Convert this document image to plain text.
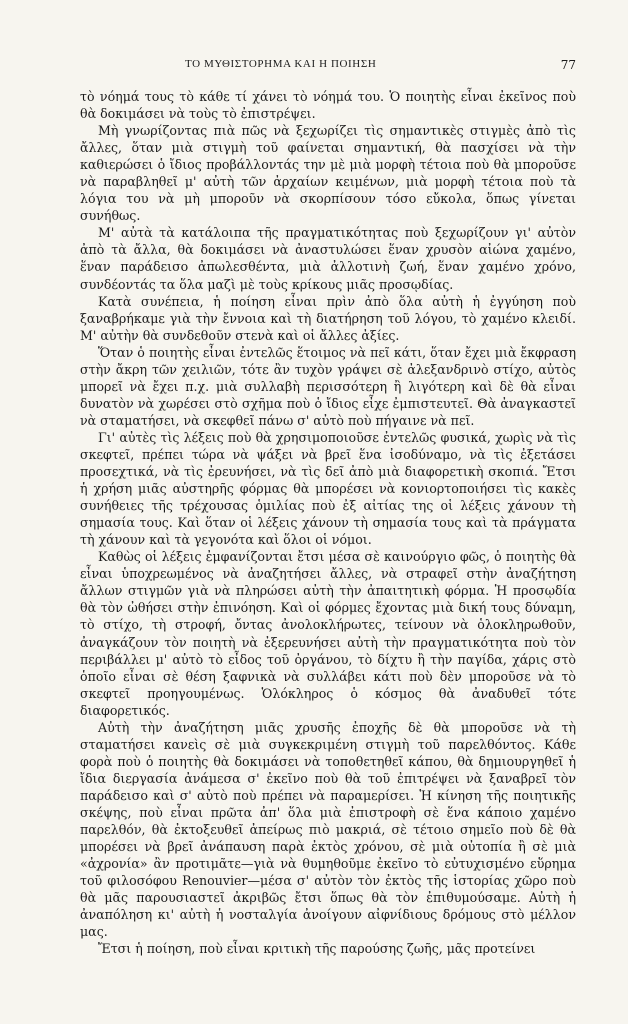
ΤΟ ΜΥΘΙΣΤΟΡΗΜΑ ΚΑΙ Η ΠΟΙΗΣΗ	77

τὸ νόημά τους τὸ κάθε τί χάνει τὸ νόημά του. Ὁ ποιητὴς εἶναι ἐκεῖνος ποὺ θὰ δοκιμάσει νὰ τοὺς τὸ ἐπιστρέψει.

Μὴ γνωρίζοντας πιὰ πῶς νὰ ξεχωρίζει τὶς σημαντικὲς στιγμὲς ἀπὸ τὶς ἄλλες, ὅταν μιὰ στιγμὴ τοῦ φαίνεται σημαντική, θὰ πασχίσει νὰ τὴν καθιερώσει ὁ ἴδιος προβάλλοντάς την μὲ μιὰ μορφὴ τέτοια ποὺ θὰ μποροῦσε νὰ παραβληθεῖ μ' αὐτὴ τῶν ἀρχαίων κειμένων, μιὰ μορφὴ τέτοια ποὺ τὰ λόγια του νὰ μὴ μποροῦν νὰ σκορπίσουν τόσο εὔκολα, ὅπως γίνεται συνήθως.

Μ' αὐτὰ τὰ κατάλοιπα τῆς πραγματικότητας ποὺ ξεχωρίζουν γι' αὐτὸν ἀπὸ τὰ ἄλλα, θὰ δοκιμάσει νὰ ἀναστυλώσει ἕναν χρυσὸν αἰώνα χαμένο, ἕναν παράδεισο ἀπωλεσθέντα, μιὰ ἀλλοτινὴ ζωή, ἕναν χαμένο χρόνο, συνδέοντάς τα ὅλα μαζὶ μὲ τοὺς κρίκους μιᾶς προσῳδίας.

Κατὰ συνέπεια, ἡ ποίηση εἶναι πρὶν ἀπὸ ὅλα αὐτὴ ἡ ἐγγύηση ποὺ ξαναβρήκαμε γιὰ τὴν ἔννοια καὶ τὴ διατήρηση τοῦ λόγου, τὸ χαμένο κλειδί. Μ' αὐτὴν θὰ συνδεθοῦν στενὰ καὶ οἱ ἄλλες ἀξίες.

Ὅταν ὁ ποιητὴς εἶναι ἐντελῶς ἕτοιμος νὰ πεῖ κάτι, ὅταν ἔχει μιὰ ἔκφραση στὴν ἄκρη τῶν χειλιῶν, τότε ἂν τυχὸν γράψει σὲ ἀλεξανδρινὸ στίχο, αὐτὸς μπορεῖ νὰ ἔχει π.χ. μιὰ συλλαβὴ περισσότερη ἢ λιγότερη καὶ δὲ θὰ εἶναι δυνατὸν νὰ χωρέσει στὸ σχῆμα ποὺ ὁ ἴδιος εἶχε ἐμπιστευτεῖ. Θὰ ἀναγκαστεῖ νὰ σταματήσει, νὰ σκεφθεῖ πάνω σ' αὐτὸ ποὺ πήγαινε νὰ πεῖ.

Γι' αὐτὲς τὶς λέξεις ποὺ θὰ χρησιμοποιοῦσε ἐντελῶς φυσικά, χωρὶς νὰ τὶς σκεφτεῖ, πρέπει τώρα νὰ ψάξει νὰ βρεῖ ἕνα ἰσοδύναμο, νὰ τὶς ἐξετάσει προσεχτικά, νὰ τὶς ἐρευνήσει, νὰ τὶς δεῖ ἀπὸ μιὰ διαφορετικὴ σκοπιά. Ἔτσι ἡ χρήση μιᾶς αὐστηρῆς φόρμας θὰ μπορέσει νὰ κονιορτοποιήσει τὶς κακὲς συνήθειες τῆς τρέχουσας ὁμιλίας ποὺ ἐξ αἰτίας της οἱ λέξεις χάνουν τὴ σημασία τους. Καὶ ὅταν οἱ λέξεις χάνουν τὴ σημασία τους καὶ τὰ πράγματα τὴ χάνουν καὶ τὰ γεγονότα καὶ ὅλοι οἱ νόμοι.

Καθὼς οἱ λέξεις ἐμφανίζονται ἔτσι μέσα σὲ καινούργιο φῶς, ὁ ποιητὴς θὰ εἶναι ὑποχρεωμένος νὰ ἀναζητήσει ἄλλες, νὰ στραφεῖ στὴν ἀναζήτηση ἄλλων στιγμῶν γιὰ νὰ πληρώσει αὐτὴ τὴν ἀπαιτητικὴ φόρμα. Ἡ προσῳδία θὰ τὸν ὠθήσει στὴν ἐπινόηση. Καὶ οἱ φόρμες ἔχοντας μιὰ δική τους δύναμη, τὸ στίχο, τὴ στροφή, ὄντας ἀνολοκλήρωτες, τείνουν νὰ ὁλοκληρωθοῦν, ἀναγκάζουν τὸν ποιητὴ νὰ ἐξερευνήσει αὐτὴ τὴν πραγματικότητα ποὺ τὸν περιβάλλει μ' αὐτὸ τὸ εἶδος τοῦ ὀργάνου, τὸ δίχτυ ἢ τὴν παγίδα, χάρις στὸ ὁποῖο εἶναι σὲ θέση ξαφνικὰ νὰ συλλάβει κάτι ποὺ δὲν μποροῦσε νὰ τὸ σκεφτεῖ προηγουμένως. Ὁλόκληρος ὁ κόσμος θὰ ἀναδυθεῖ τότε διαφορετικός.

Αὐτὴ τὴν ἀναζήτηση μιᾶς χρυσῆς ἐποχῆς δὲ θὰ μποροῦσε νὰ τὴ σταματήσει κανεὶς σὲ μιὰ συγκεκριμένη στιγμὴ τοῦ παρελθόντος. Κάθε φορὰ ποὺ ὁ ποιητὴς θὰ δοκιμάσει νὰ τοποθετηθεῖ κάπου, θὰ δημιουργηθεῖ ἡ ἴδια διεργασία ἀνάμεσα σ' ἐκεῖνο ποὺ θὰ τοῦ ἐπιτρέψει νὰ ξαναβρεῖ τὸν παράδεισο καὶ σ' αὐτὸ ποὺ πρέπει νὰ παραμερίσει. Ἡ κίνηση τῆς ποιητικῆς σκέψης, ποὺ εἶναι πρῶτα ἀπ' ὅλα μιὰ ἐπιστροφὴ σὲ ἕνα κάποιο χαμένο παρελθόν, θὰ ἐκτοξευθεῖ ἀπείρως πιὸ μακριά, σὲ τέτοιο σημεῖο ποὺ δὲ θὰ μπορέσει νὰ βρεῖ ἀνάπαυση παρὰ ἐκτὸς χρόνου, σὲ μιὰ οὐτοπία ἢ σὲ μιὰ «ἀχρονία» ἂν προτιμᾶτε—γιὰ νὰ θυμηθοῦμε ἐκεῖνο τὸ εὐτυχισμένο εὕρημα τοῦ φιλοσόφου Renouvier—μέσα σ' αὐτὸν τὸν ἐκτὸς τῆς ἱστορίας χῶρο ποὺ θὰ μᾶς παρουσιαστεῖ ἀκριβῶς ἔτσι ὅπως θὰ τὸν ἐπιθυμούσαμε. Αὐτὴ ἡ ἀναπόληση κι' αὐτὴ ἡ νοσταλγία ἀνοίγουν αἰφνίδιους δρόμους στὸ μέλλον μας.

Ἔτσι ἡ ποίηση, ποὺ εἶναι κριτικὴ τῆς παρούσης ζωῆς, μᾶς προτείνει
